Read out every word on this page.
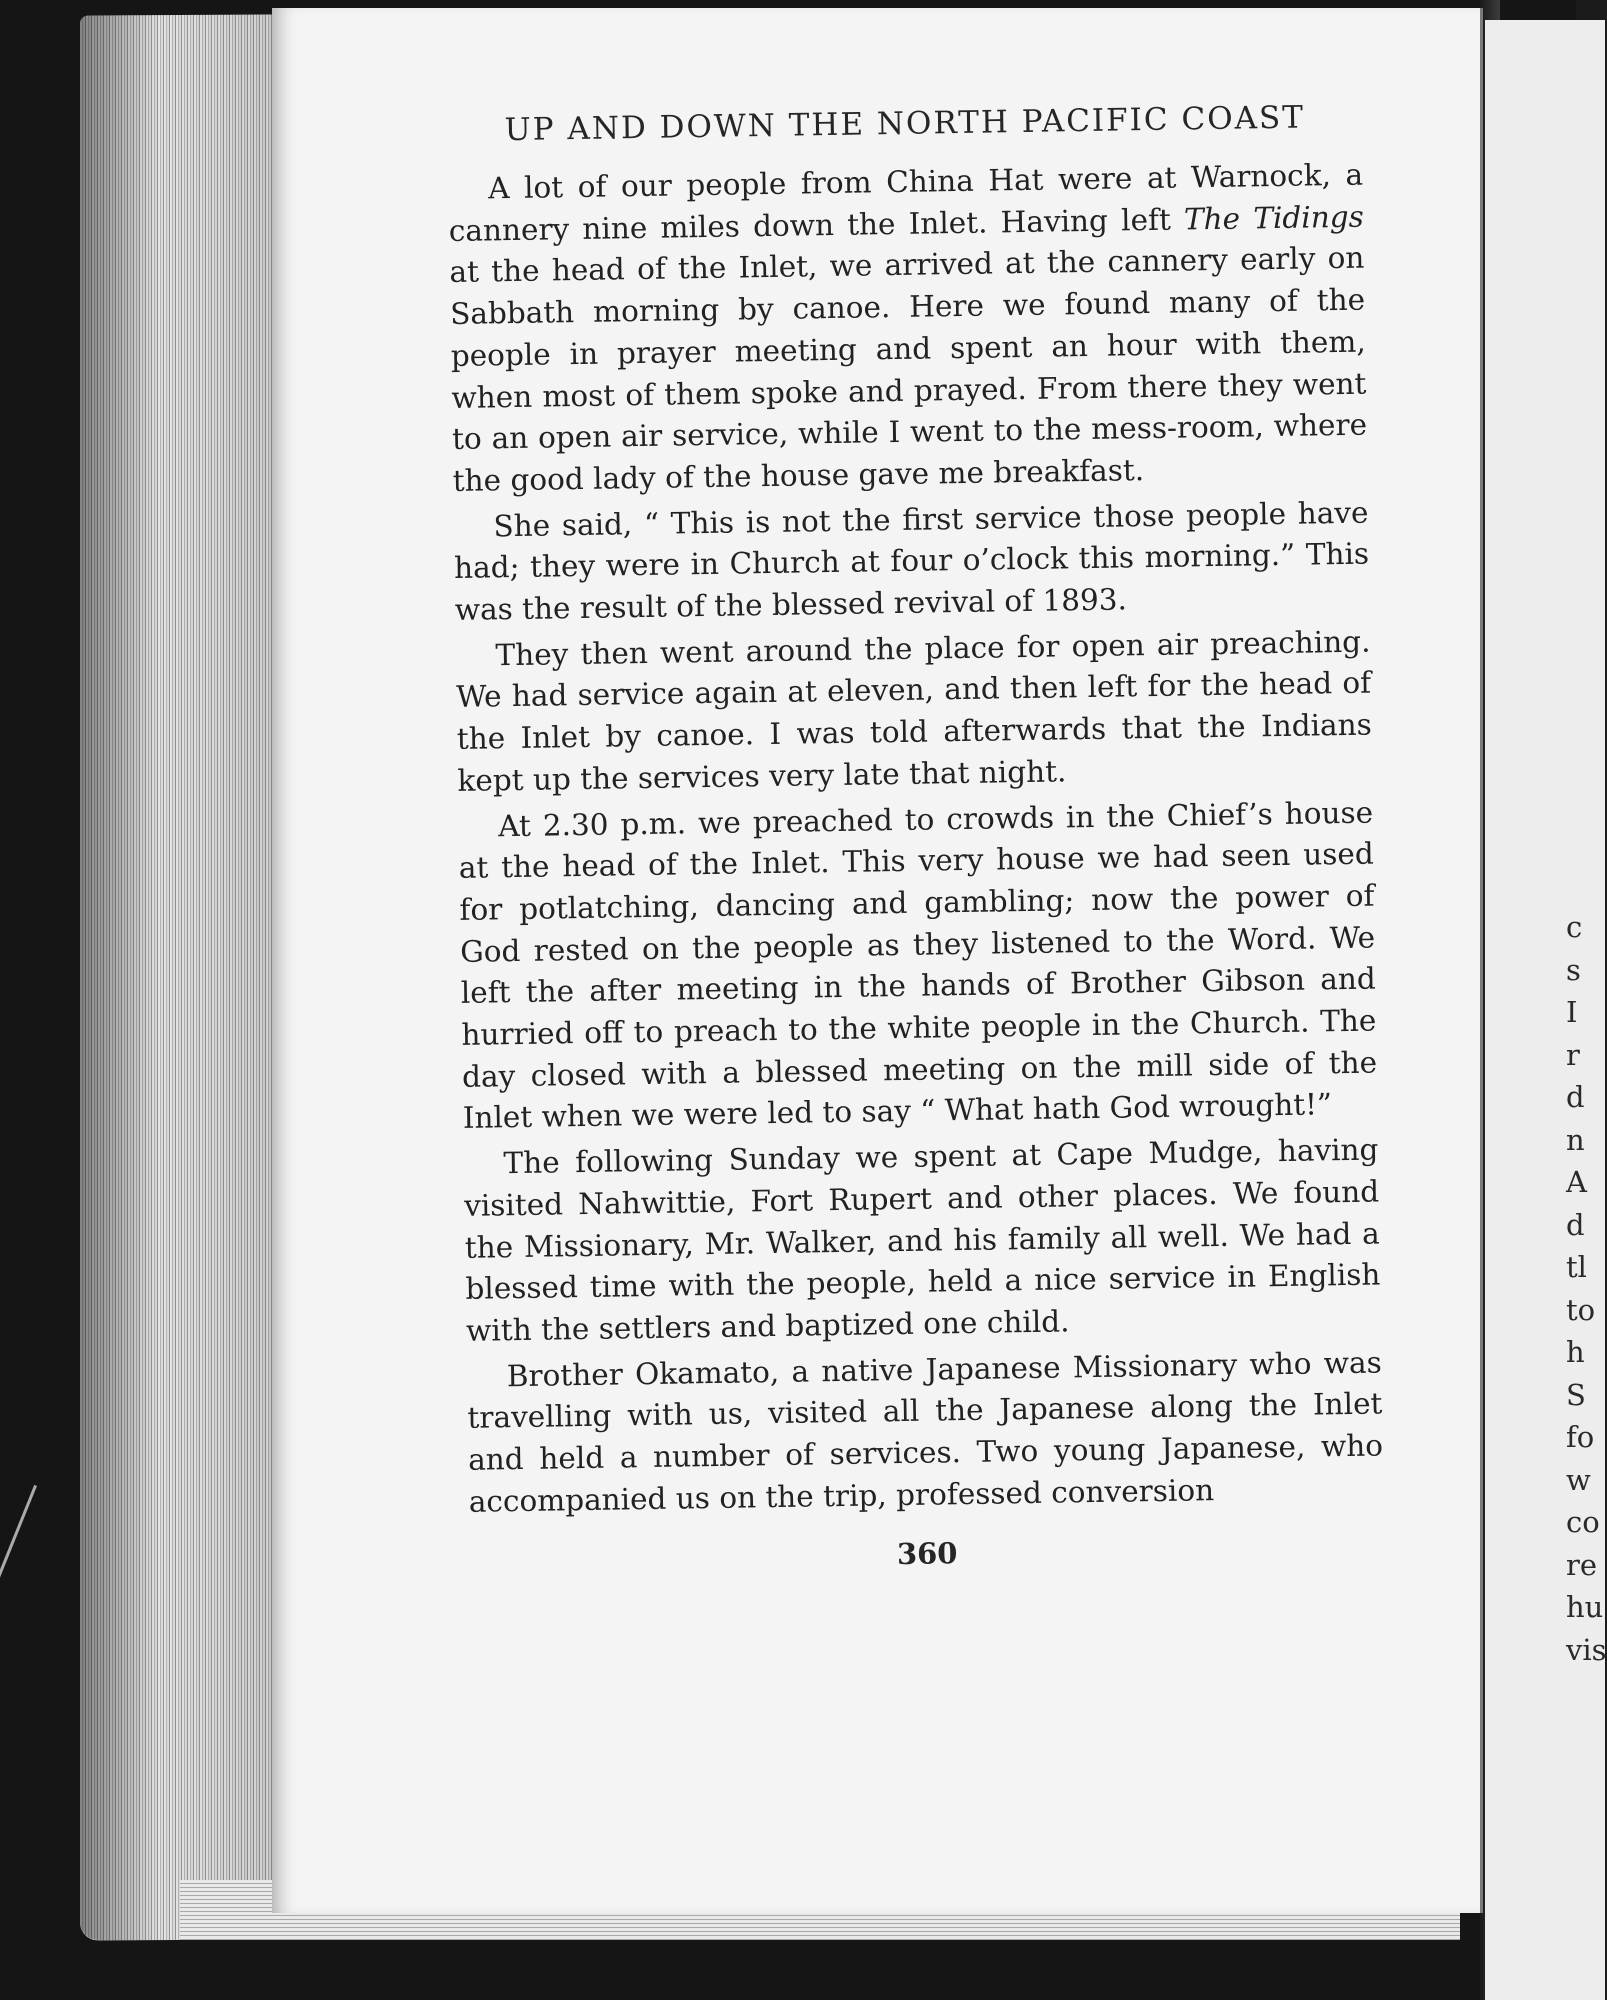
c
s
I
r
d
n
A
d
tl
to
h
S
fo
w
co
re
hu
vis
UP AND DOWN THE NORTH PACIFIC COAST

A lot of our people from China Hat were at Warnock, a cannery nine miles down the Inlet. Having left The Tidings at the head of the Inlet, we arrived at the cannery early on Sabbath morning by canoe. Here we found many of the people in prayer meeting and spent an hour with them, when most of them spoke and prayed. From there they went to an open air service, while I went to the mess-room, where the good lady of the house gave me breakfast.

She said, “ This is not the first service those people have had; they were in Church at four o’clock this morning.” This was the result of the blessed revival of 1893.

They then went around the place for open air preaching. We had service again at eleven, and then left for the head of the Inlet by canoe. I was told afterwards that the Indians kept up the services very late that night.

At 2.30 p.m. we preached to crowds in the Chief’s house at the head of the Inlet. This very house we had seen used for potlatching, dancing and gambling; now the power of God rested on the people as they listened to the Word. We left the after meeting in the hands of Brother Gibson and hurried off to preach to the white people in the Church. The day closed with a blessed meeting on the mill side of the Inlet when we were led to say “ What hath God wrought!”

The following Sunday we spent at Cape Mudge, having visited Nahwittie, Fort Rupert and other places. We found the Missionary, Mr. Walker, and his family all well. We had a blessed time with the people, held a nice service in English with the settlers and baptized one child.

Brother Okamato, a native Japanese Missionary who was travelling with us, visited all the Japanese along the Inlet and held a number of services. Two young Japanese, who accompanied us on the trip, professed conversion

360
